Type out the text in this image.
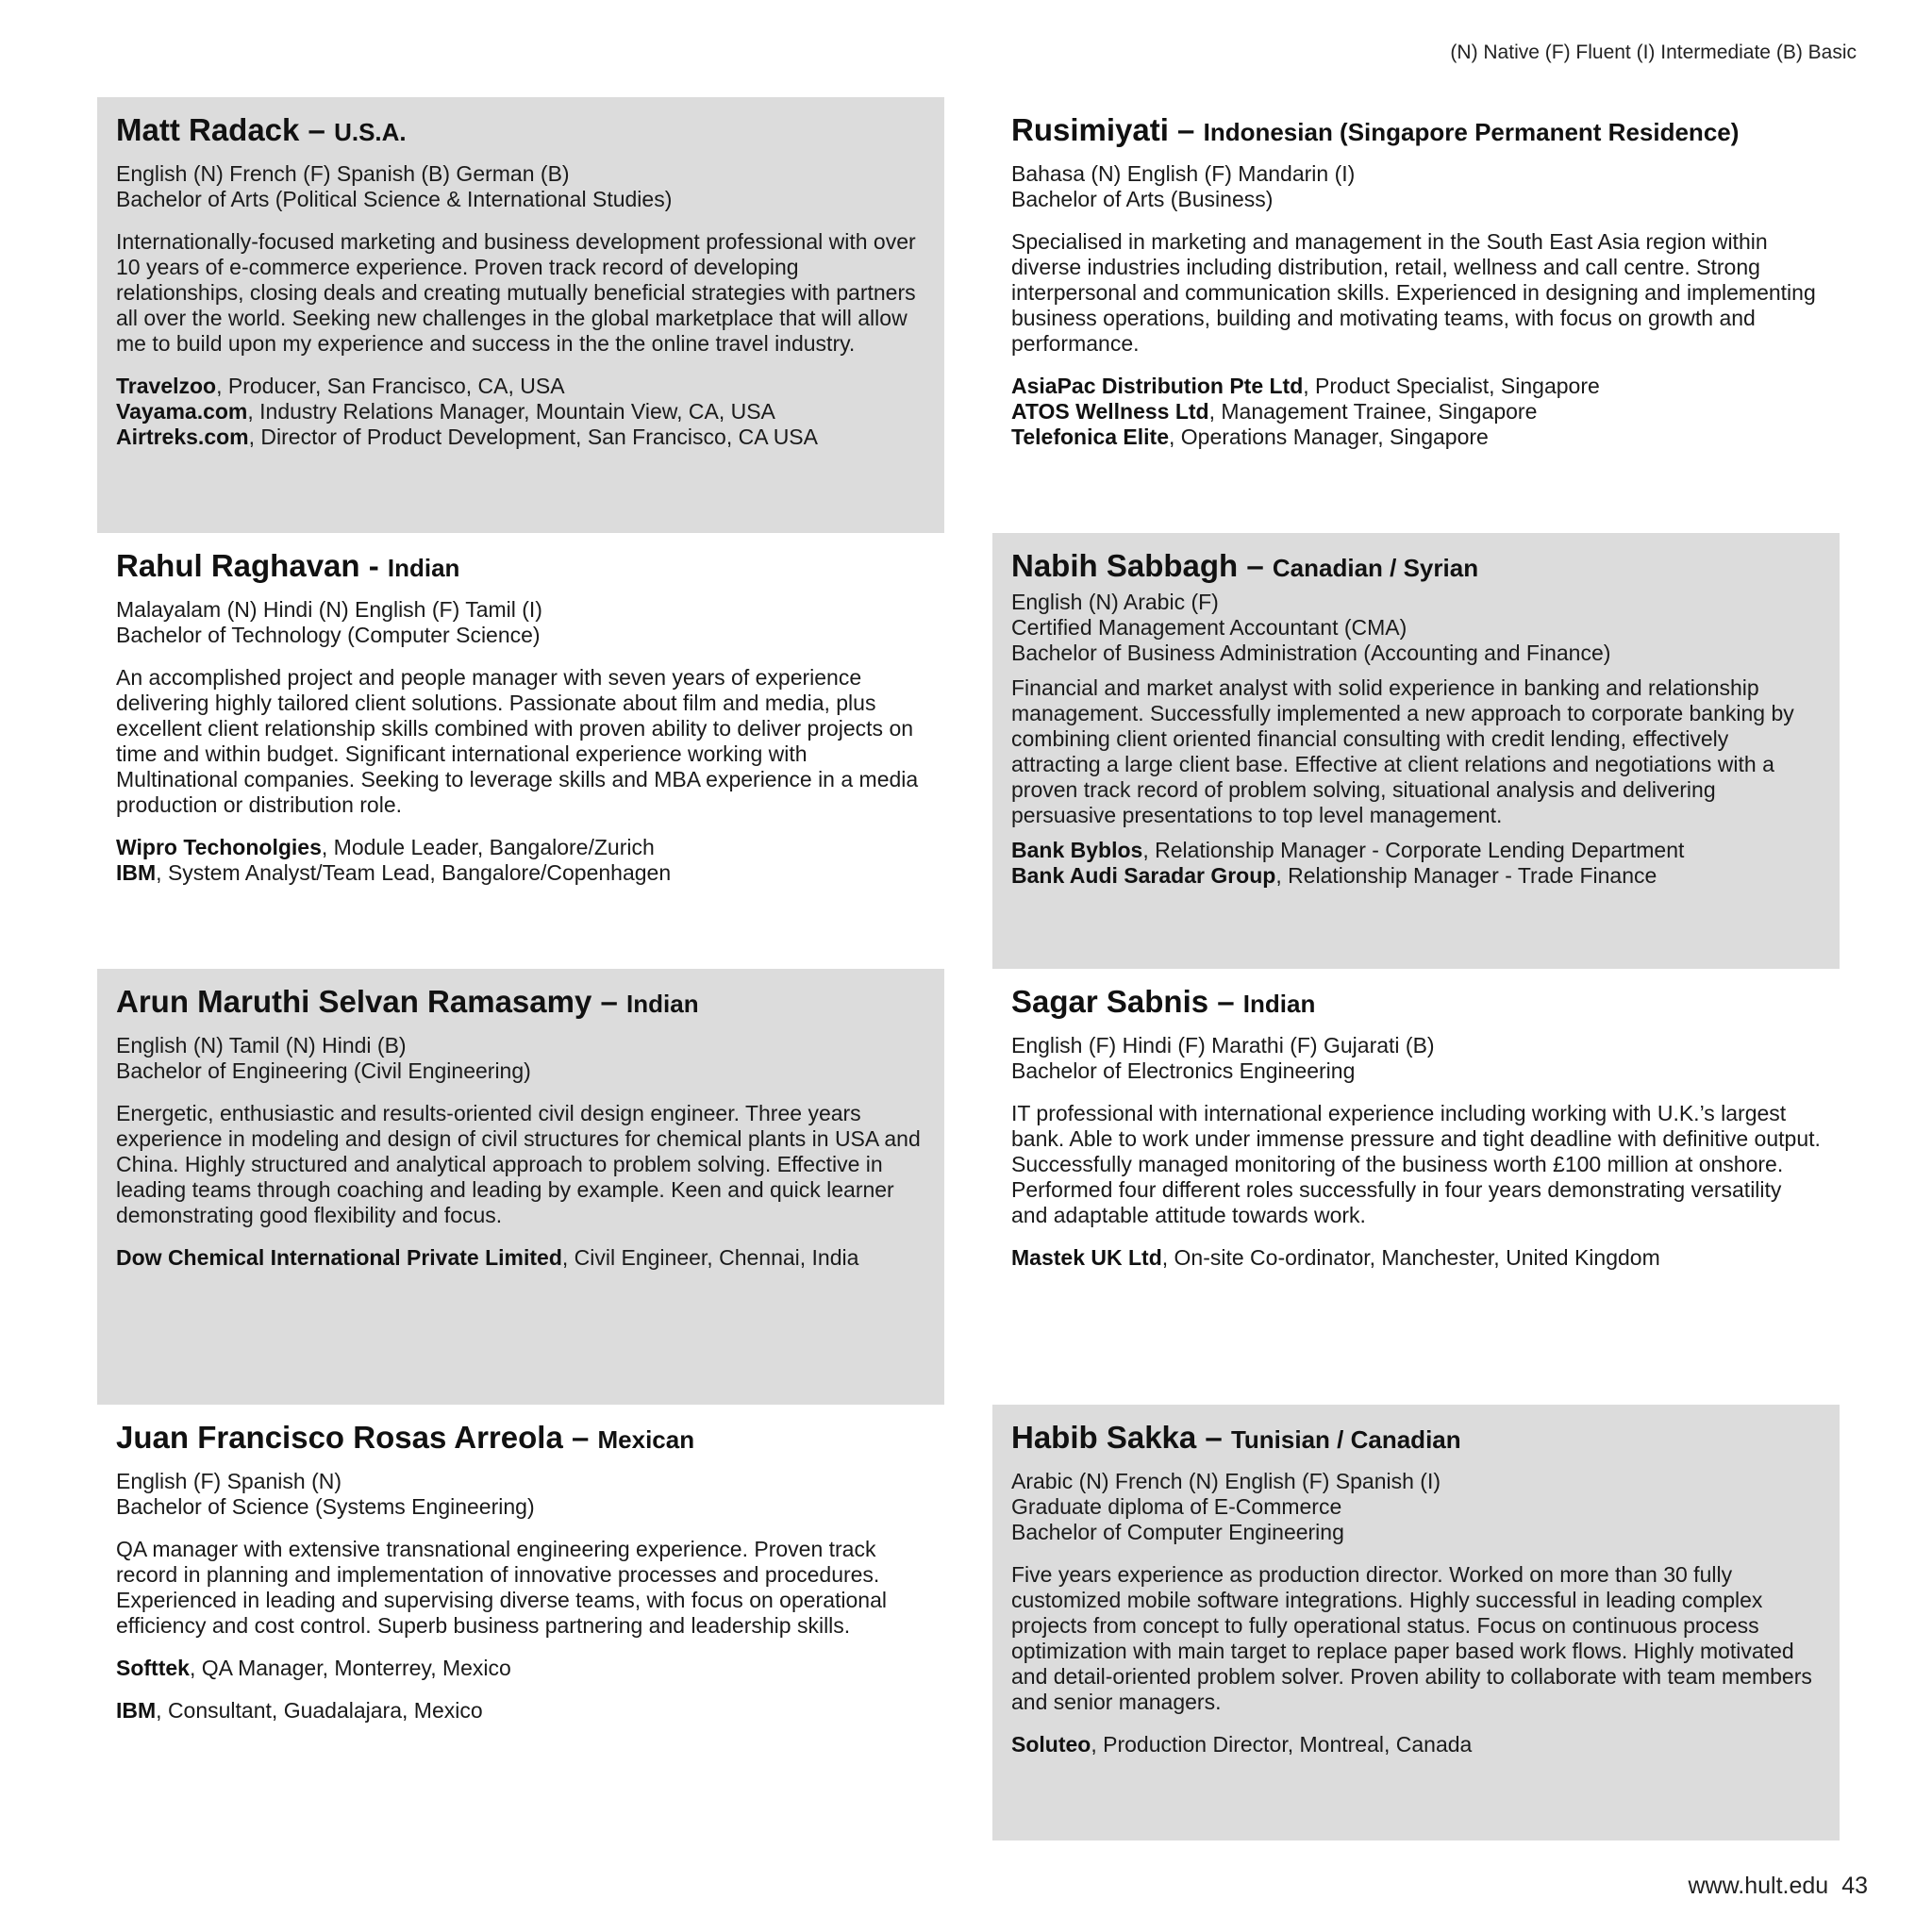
(N) Native (F) Fluent (I) Intermediate (B) Basic
Matt Radack – U.S.A.
English (N) French (F) Spanish (B) German (B)
Bachelor of Arts (Political Science & International Studies)
Internationally-focused marketing and business development professional with over 10 years of e-commerce experience. Proven track record of developing relationships, closing deals and creating mutually beneficial strategies with partners all over the world. Seeking new challenges in the global marketplace that will allow me to build upon my experience and success in the the online travel industry.
Travelzoo, Producer, San Francisco, CA, USA
Vayama.com, Industry Relations Manager, Mountain View, CA, USA
Airtreks.com, Director of Product Development, San Francisco, CA USA
Rusimiyati – Indonesian (Singapore Permanent Residence)
Bahasa (N) English (F) Mandarin (I)
Bachelor of Arts (Business)
Specialised in marketing and management in the South East Asia region within diverse industries including distribution, retail, wellness and call centre. Strong interpersonal and communication skills. Experienced in designing and implementing business operations, building and motivating teams, with focus on growth and performance.
AsiaPac Distribution Pte Ltd, Product Specialist, Singapore
ATOS Wellness Ltd, Management Trainee, Singapore
Telefonica Elite, Operations Manager, Singapore
Rahul Raghavan - Indian
Malayalam (N) Hindi (N) English (F) Tamil (I)
Bachelor of Technology (Computer Science)
An accomplished project and people manager with seven years of experience delivering highly tailored client solutions. Passionate about film and media, plus excellent client relationship skills combined with proven ability to deliver projects on time and within budget. Significant international experience working with Multinational companies. Seeking to leverage skills and MBA experience in a media production or distribution role.
Wipro Techonolgies, Module Leader, Bangalore/Zurich
IBM, System Analyst/Team Lead, Bangalore/Copenhagen
Nabih Sabbagh – Canadian / Syrian
English (N) Arabic (F)
Certified Management Accountant (CMA)
Bachelor of Business Administration (Accounting and Finance)
Financial and market analyst with solid experience in banking and relationship management. Successfully implemented a new approach to corporate banking by combining client oriented financial consulting with credit lending, effectively attracting a large client base. Effective at client relations and negotiations with a proven track record of problem solving, situational analysis and delivering persuasive presentations to top level management.
Bank Byblos, Relationship Manager - Corporate Lending Department
Bank Audi Saradar Group, Relationship Manager - Trade Finance
Arun Maruthi Selvan Ramasamy – Indian
English (N) Tamil (N) Hindi (B)
Bachelor of Engineering (Civil Engineering)
Energetic, enthusiastic and results-oriented civil design engineer. Three years experience in modeling and design of civil structures for chemical plants in USA and China. Highly structured and analytical approach to problem solving. Effective in leading teams through coaching and leading by example. Keen and quick learner demonstrating good flexibility and focus.
Dow Chemical International Private Limited, Civil Engineer, Chennai, India
Sagar Sabnis – Indian
English (F) Hindi (F) Marathi (F) Gujarati (B)
Bachelor of Electronics Engineering
IT professional with international experience including working with U.K.’s largest bank. Able to work under immense pressure and tight deadline with definitive output. Successfully managed monitoring of the business worth £100 million at onshore. Performed four different roles successfully in four years demonstrating versatility and adaptable attitude towards work.
Mastek UK Ltd, On-site Co-ordinator, Manchester, United Kingdom
Juan Francisco Rosas Arreola – Mexican
English (F) Spanish (N)
Bachelor of Science (Systems Engineering)
QA manager with extensive transnational engineering experience. Proven track record in planning and implementation of innovative processes and procedures. Experienced in leading and supervising diverse teams, with focus on operational efficiency and cost control. Superb business partnering and leadership skills.
Softtek, QA Manager, Monterrey, Mexico
IBM, Consultant, Guadalajara, Mexico
Habib Sakka – Tunisian / Canadian
Arabic (N) French (N) English (F) Spanish (I)
Graduate diploma of E-Commerce
Bachelor of Computer Engineering
Five years experience as production director. Worked on more than 30 fully customized mobile software integrations. Highly successful in leading complex projects from concept to fully operational status. Focus on continuous process optimization with main target to replace paper based work flows. Highly motivated and detail-oriented problem solver. Proven ability to collaborate with team members and senior managers.
Soluteo, Production Director, Montreal, Canada
www.hult.edu 43
